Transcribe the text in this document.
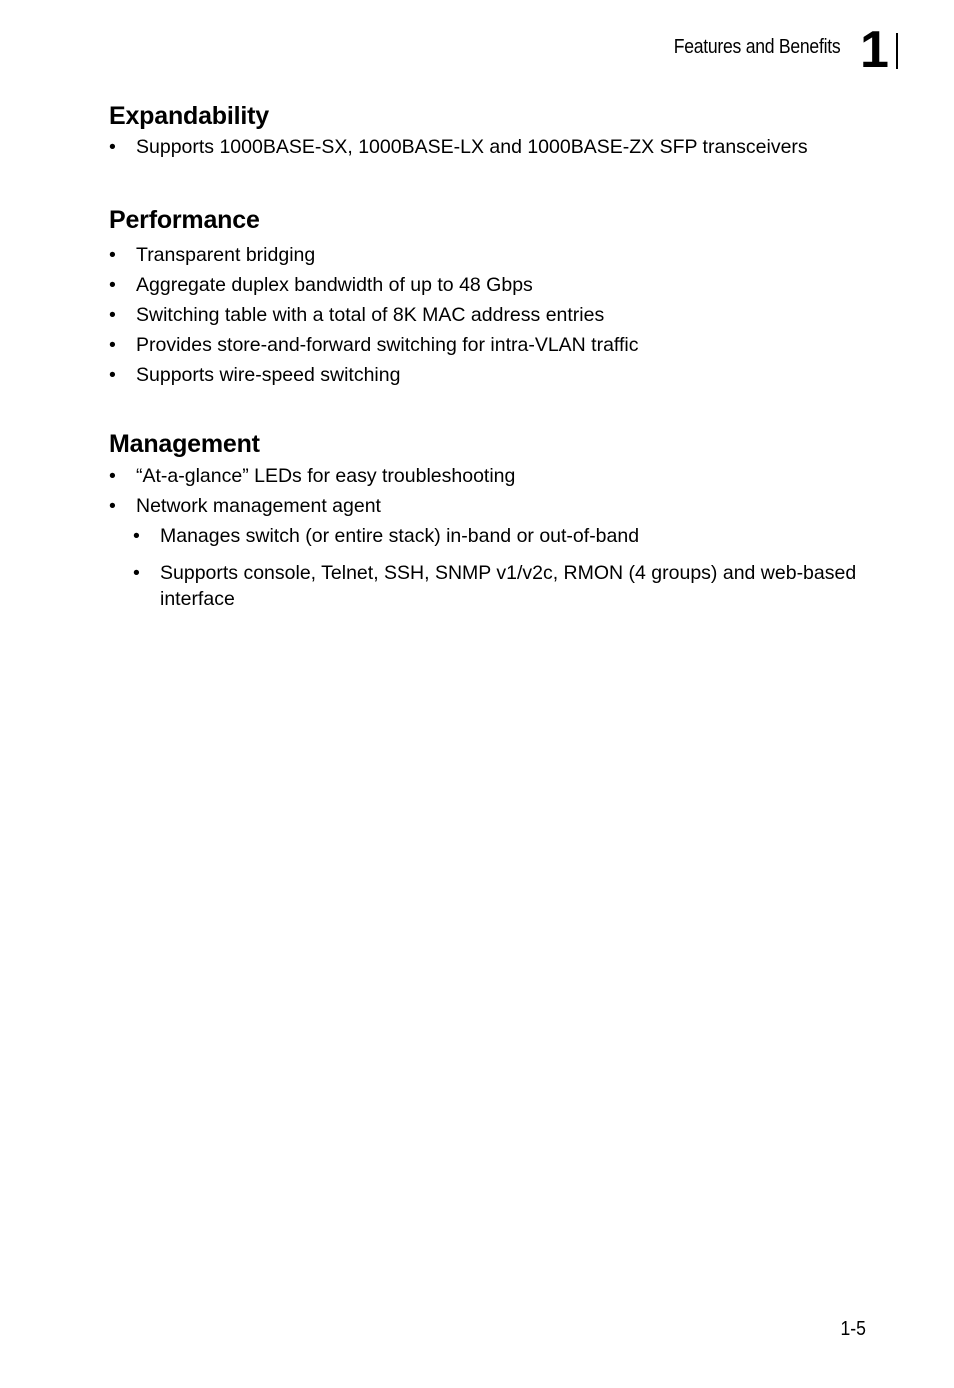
Features and Benefits 1
Expandability
• Supports 1000BASE-SX, 1000BASE-LX and 1000BASE-ZX SFP transceivers
Performance
• Transparent bridging
• Aggregate duplex bandwidth of up to 48 Gbps
• Switching table with a total of 8K MAC address entries
• Provides store-and-forward switching for intra-VLAN traffic
• Supports wire-speed switching
Management
• “At-a-glance” LEDs for easy troubleshooting
• Network management agent
• Manages switch (or entire stack) in-band or out-of-band
• Supports console, Telnet, SSH, SNMP v1/v2c, RMON (4 groups) and web-based interface
1-5
